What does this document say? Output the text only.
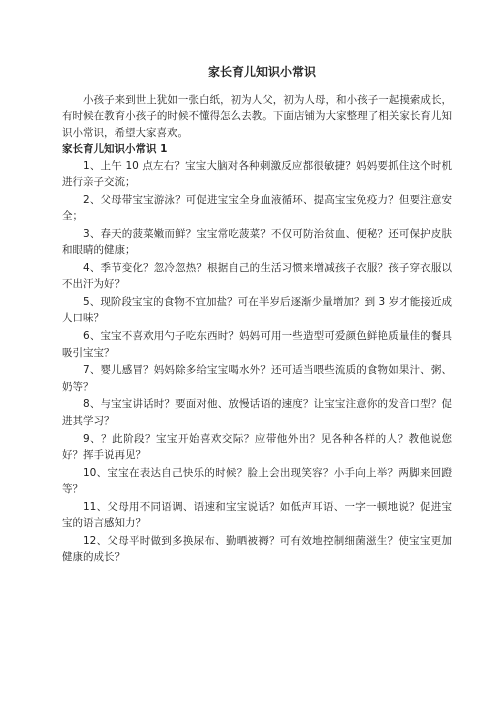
家长育儿知识小常识

小孩子来到世上犹如一张白纸，初为人父，初为人母，和小孩子一起摸索成长，有时候在教育小孩子的时候不懂得怎么去教。下面店铺为大家整理了相关家长育儿知识小常识，希望大家喜欢。

家长育儿知识小常识 1
1、上午 10 点左右？宝宝大脑对各种刺激反应都很敏捷？妈妈要抓住这个时机进行亲子交流；
2、父母带宝宝游泳？可促进宝宝全身血液循环、提高宝宝免疫力？但要注意安全；
3、春天的菠菜嫩而鲜？宝宝常吃菠菜？不仅可防治贫血、便秘？还可保护皮肤和眼睛的健康；
4、季节变化？忽冷忽热？根据自己的生活习惯来增减孩子衣服？孩子穿衣服以不出汗为好？
5、现阶段宝宝的食物不宜加盐？可在半岁后逐渐少量增加？到 3 岁才能接近成人口味？
6、宝宝不喜欢用勺子吃东西时？妈妈可用一些造型可爱颜色鲜艳质量佳的餐具吸引宝宝？
7、婴儿感冒？妈妈除多给宝宝喝水外？还可适当喂些流质的食物如果汁、粥、奶等？
8、与宝宝讲话时？要面对他、放慢话语的速度？让宝宝注意你的发音口型？促进其学习？
9、？此阶段？宝宝开始喜欢交际？应带他外出？见各种各样的人？教他说您好？挥手说再见？
10、宝宝在表达自己快乐的时候？脸上会出现笑容？小手向上举？两脚来回蹬等？
11、父母用不同语调、语速和宝宝说话？如低声耳语、一字一顿地说？促进宝宝的语言感知力？
12、父母平时做到多换尿布、勤晒被褥？可有效地控制细菌滋生？使宝宝更加健康的成长？
